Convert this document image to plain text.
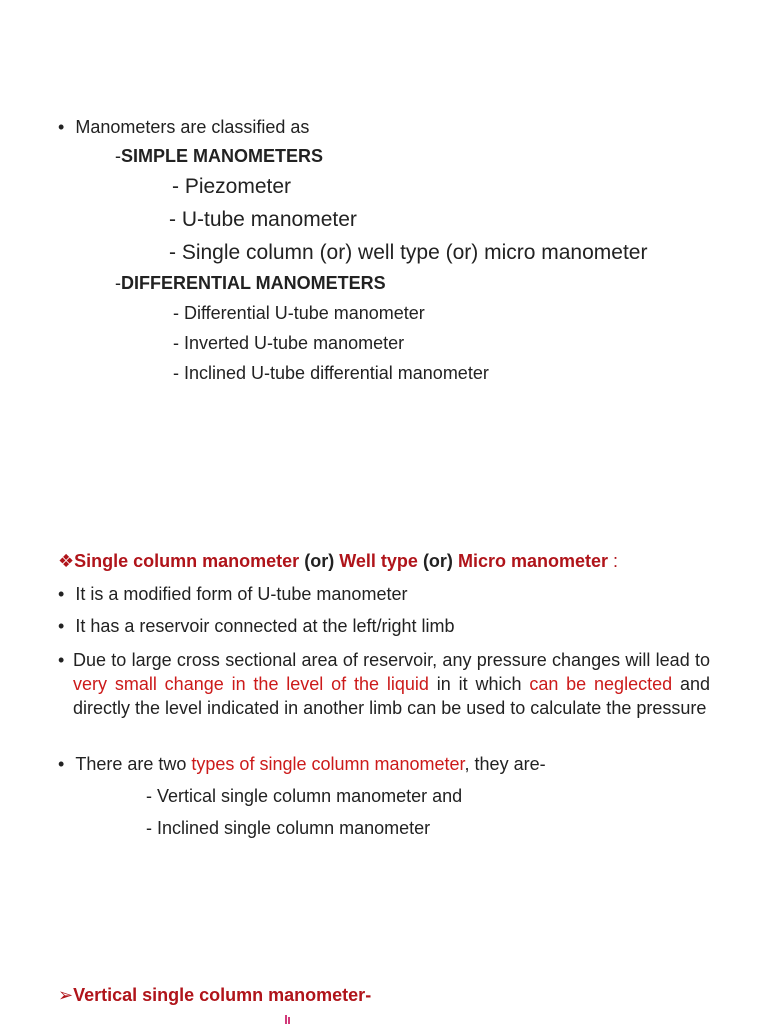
• Manometers are classified as
-SIMPLE MANOMETERS
- Piezometer
- U-tube manometer
- Single column (or) well type (or) micro manometer
-DIFFERENTIAL MANOMETERS
- Differential U-tube manometer
- Inverted U-tube manometer
- Inclined U-tube differential manometer
❖Single column manometer (or) Well type (or) Micro manometer :
• It is a modified form of U-tube manometer
• It has a reservoir connected at the left/right limb
• Due to large cross sectional area of reservoir, any pressure changes will lead to very small change in the level of the liquid in it which can be neglected and directly the level indicated in another limb can be used to calculate the pressure
• There are two types of single column manometer, they are-
- Vertical single column manometer and
- Inclined single column manometer
➢Vertical single column manometer-
